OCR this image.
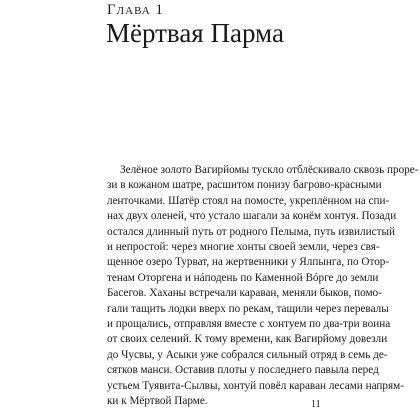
Глава 1
Мёртвая Парма
Зелёное золото Вагирйомы тускло отблёскивало сквозь проре-
зи в кожаном шатре, расшитом понизу багрово-красными
ленточками. Шатёр стоял на помосте, укреплённом на спи-
нах двух оленей, что устало шагали за конём хонтуя. Позади
остался длинный путь от родного Пелыма, путь извилистый
и непростой: через многие хонты своей земли, через свя-
щенное озеро Турват, на жертвенники у Ялпынга, по Отор-
тенам Оторгена и нáподень по Каменной Вóрге до земли
Басегов. Хаханы встречали караван, меняли быков, помо-
гали тащить лодки вверх по рекам, тащили через перевалы
и прощались, отправляя вместе с хонтуем по два-три воина
от своих селений. К тому времени, как Вагирйому довезли
до Чусвы, у Асыки уже собрался сильный отряд в семь де-
сятков манси. Оставив плоты у последнего павыла перед
устьем Туявита-Сылвы, хонтуй повёл караван лесами напрям-
ки к Мёртвой Парме.	11
